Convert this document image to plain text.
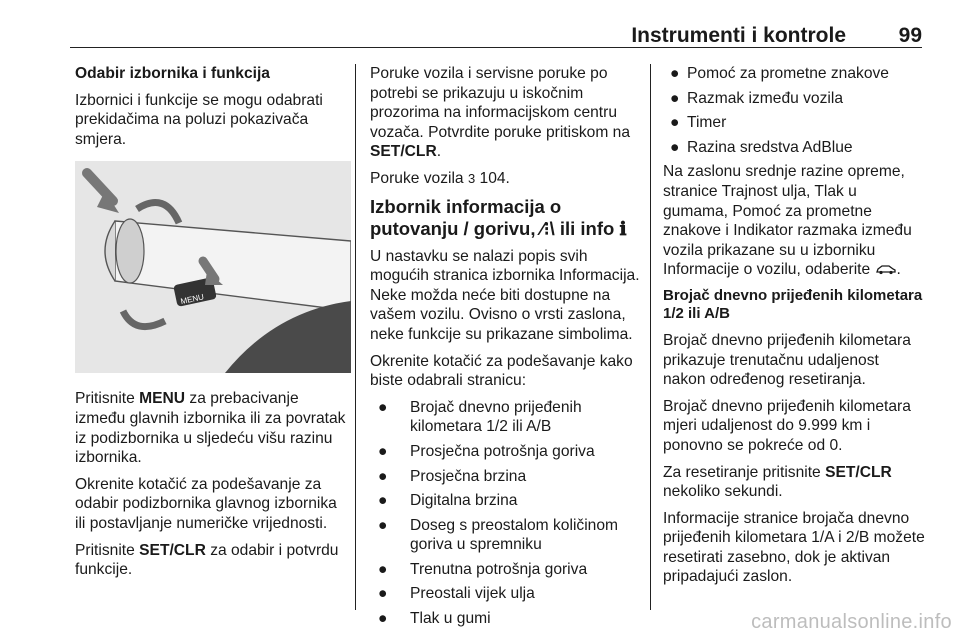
Instrumenti i kontrole	99

Odabir izbornika i funkcija

Izbornici i funkcije se mogu odabrati prekidačima na poluzi pokazivača smjera.

MENU

Pritisnite MENU za prebacivanje između glavnih izbornika ili za povratak iz podizbornika u sljedeću višu razinu izbornika.

Okrenite kotačić za podešavanje za odabir podizbornika glavnog izbornika ili postavljanje numeričke vrijednosti.

Pritisnite SET/CLR za odabir i potvrdu funkcije.

Poruke vozila i servisne poruke po potrebi se prikazuju u iskočnim prozorima na informacijskom centru vozača. Potvrdite poruke pritiskom na SET/CLR.

Poruke vozila 3 104.

Izbornik informacija o putovanju / gorivu, ⁄⁝\ ili info ℹ

U nastavku se nalazi popis svih mogućih stranica izbornika Informacija. Neke možda neće biti dostupne na vašem vozilu. Ovisno o vrsti zaslona, neke funkcije su prikazane simbolima.

Okrenite kotačić za podešavanje kako biste odabrali stranicu:

● Brojač dnevno prijeđenih kilometara 1/2 ili A/B
● Prosječna potrošnja goriva
● Prosječna brzina
● Digitalna brzina
● Doseg s preostalom količinom goriva u spremniku
● Trenutna potrošnja goriva
● Preostali vijek ulja
● Tlak u gumi
● Pomoć za prometne znakove
● Razmak između vozila
● Timer
● Razina sredstva AdBlue

Na zaslonu srednje razine opreme, stranice Trajnost ulja, Tlak u gumama, Pomoć za prometne znakove i Indikator razmaka između vozila prikazane su u izborniku Informacije o vozilu, odaberite .

Brojač dnevno prijeđenih kilometara 1/2 ili A/B

Brojač dnevno prijeđenih kilometara prikazuje trenutačnu udaljenost nakon određenog resetiranja.

Brojač dnevno prijeđenih kilometara mjeri udaljenost do 9.999 km i ponovno se pokreće od 0.

Za resetiranje pritisnite SET/CLR nekoliko sekundi.

Informacije stranice brojača dnevno prijeđenih kilometara 1/A i 2/B možete resetirati zasebno, dok je aktivan pripadajući zaslon.

carmanualsonline.info
